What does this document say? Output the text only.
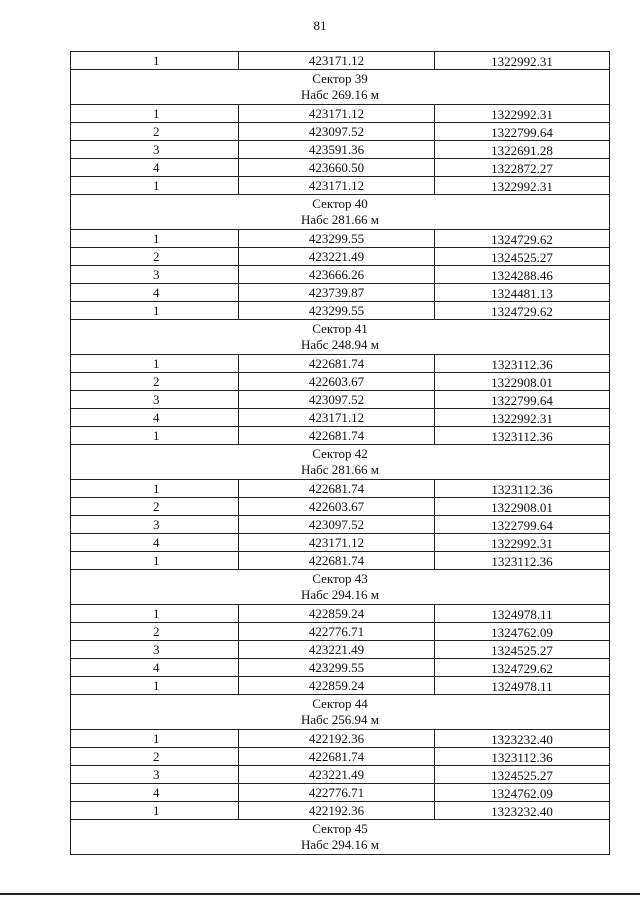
81
1	423171.12	1322992.31

Сектор 39
Набс 269.16 м		

1	423171.12	1322992.31
2	423097.52	1322799.64
3	423591.36	1322691.28
4	423660.50	1322872.27
1	423171.12	1322992.31

Сектор 40
Набс 281.66 м		

1	423299.55	1324729.62
2	423221.49	1324525.27
3	423666.26	1324288.46
4	423739.87	1324481.13
1	423299.55	1324729.62

Сектор 41
Набс 248.94 м		

1	422681.74	1323112.36
2	422603.67	1322908.01
3	423097.52	1322799.64
4	423171.12	1322992.31
1	422681.74	1323112.36

Сектор 42
Набс 281.66 м		

1	422681.74	1323112.36
2	422603.67	1322908.01
3	423097.52	1322799.64
4	423171.12	1322992.31
1	422681.74	1323112.36

Сектор 43
Набс 294.16 м		

1	422859.24	1324978.11
2	422776.71	1324762.09
3	423221.49	1324525.27
4	423299.55	1324729.62
1	422859.24	1324978.11

Сектор 44
Набс 256.94 м		

1	422192.36	1323232.40
2	422681.74	1323112.36
3	423221.49	1324525.27
4	422776.71	1324762.09
1	422192.36	1323232.40

Сектор 45
Набс 294.16 м		
